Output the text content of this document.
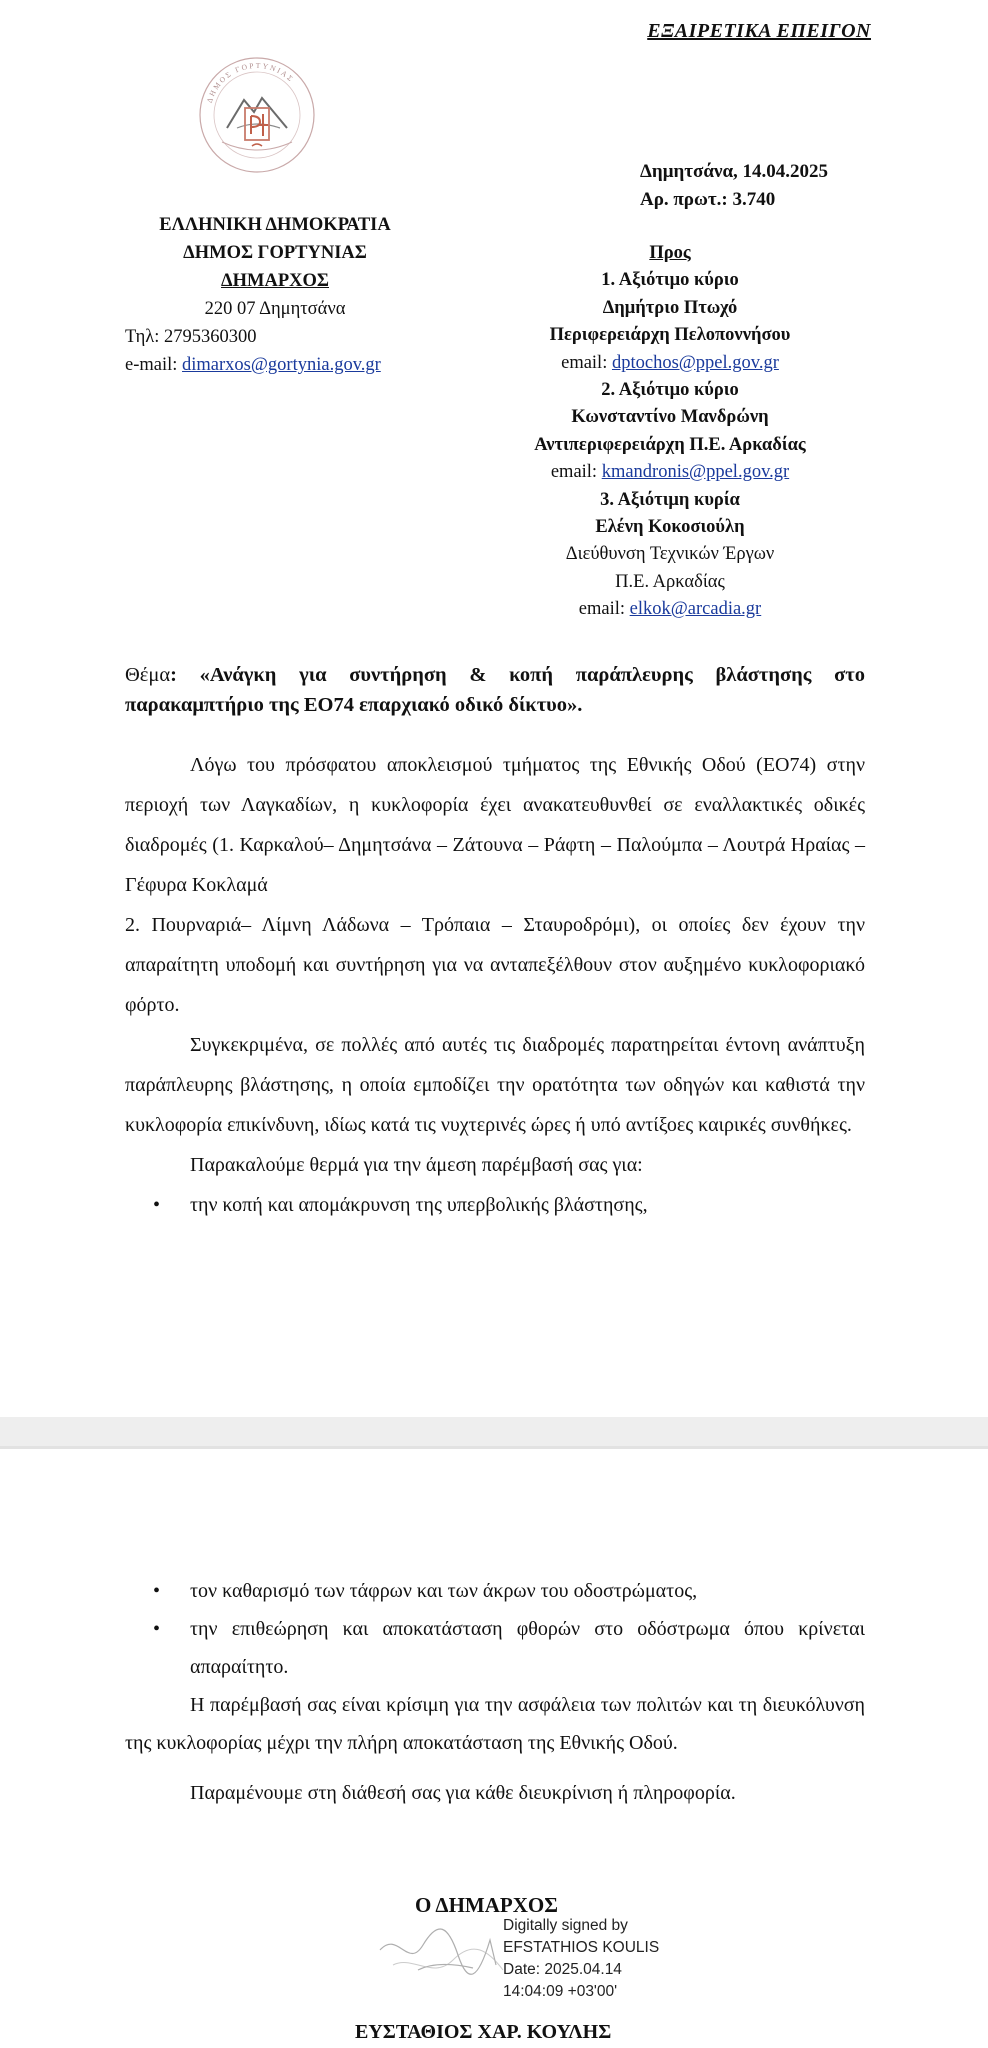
ΕΞΑΙΡΕΤΙΚΑ ΕΠΕΙΓΟΝ
ΔΗΜΟΣ ΓΟΡΤΥΝΙΑΣ
Δημητσάνα, 14.04.2025
Αρ. πρωτ.: 3.740
ΕΛΛΗΝΙΚΗ ΔΗΜΟΚΡΑΤΙΑ
ΔΗΜΟΣ ΓΟΡΤΥΝΙΑΣ
ΔΗΜΑΡΧΟΣ
220 07 Δημητσάνα
Τηλ: 2795360300
e-mail: dimarxos@gortynia.gov.gr
Προς
1. Αξιότιμο κύριο
Δημήτριο Πτωχό
Περιφερειάρχη Πελοποννήσου
email: dptochos@ppel.gov.gr
2. Αξιότιμο κύριο
Κωνσταντίνο Μανδρώνη
Αντιπεριφερειάρχη Π.Ε. Αρκαδίας
email: kmandronis@ppel.gov.gr
3. Αξιότιμη κυρία
Ελένη Κοκοσιούλη
Διεύθυνση Τεχνικών Έργων
Π.Ε. Αρκαδίας
email: elkok@arcadia.gr
Θέμα: «Ανάγκη για συντήρηση & κοπή παράπλευρης βλάστησης στο παρακαμπτήριο της ΕΟ74 επαρχιακό οδικό δίκτυο».

Λόγω του πρόσφατου αποκλεισμού τμήματος της Εθνικής Οδού (ΕΟ74) στην περιοχή των Λαγκαδίων, η κυκλοφορία έχει ανακατευθυνθεί σε εναλλακτικές οδικές διαδρομές (1. Καρκαλού– Δημητσάνα – Ζάτουνα – Ράφτη – Παλούμπα – Λουτρά Ηραίας – Γέφυρα Κοκλαμά

2. Πουρναριά– Λίμνη Λάδωνα – Τρόπαια – Σταυροδρόμι), οι οποίες δεν έχουν την απαραίτητη υποδομή και συντήρηση για να ανταπεξέλθουν στον αυξημένο κυκλοφοριακό φόρτο.

Συγκεκριμένα, σε πολλές από αυτές τις διαδρομές παρατηρείται έντονη ανάπτυξη παράπλευρης βλάστησης, η οποία εμποδίζει την ορατότητα των οδηγών και καθιστά την κυκλοφορία επικίνδυνη, ιδίως κατά τις νυχτερινές ώρες ή υπό αντίξοες καιρικές συνθήκες.

Παρακαλούμε θερμά για την άμεση παρέμβασή σας για:

• την κοπή και απομάκρυνση της υπερβολικής βλάστησης,

• τον καθαρισμό των τάφρων και των άκρων του οδοστρώματος,

• την επιθεώρηση και αποκατάσταση φθορών στο οδόστρωμα όπου κρίνεται απαραίτητο.

Η παρέμβασή σας είναι κρίσιμη για την ασφάλεια των πολιτών και τη διευκόλυνση της κυκλοφορίας μέχρι την πλήρη αποκατάσταση της Εθνικής Οδού.

Παραμένουμε στη διάθεσή σας για κάθε διευκρίνιση ή πληροφορία.

Ο ΔΗΜΑΡΧΟΣ
Digitally signed by
EFSTATHIOS KOULIS
Date: 2025.04.14
14:04:09 +03'00'
ΕΥΣΤΑΘΙΟΣ ΧΑΡ. ΚΟΥΛΗΣ
